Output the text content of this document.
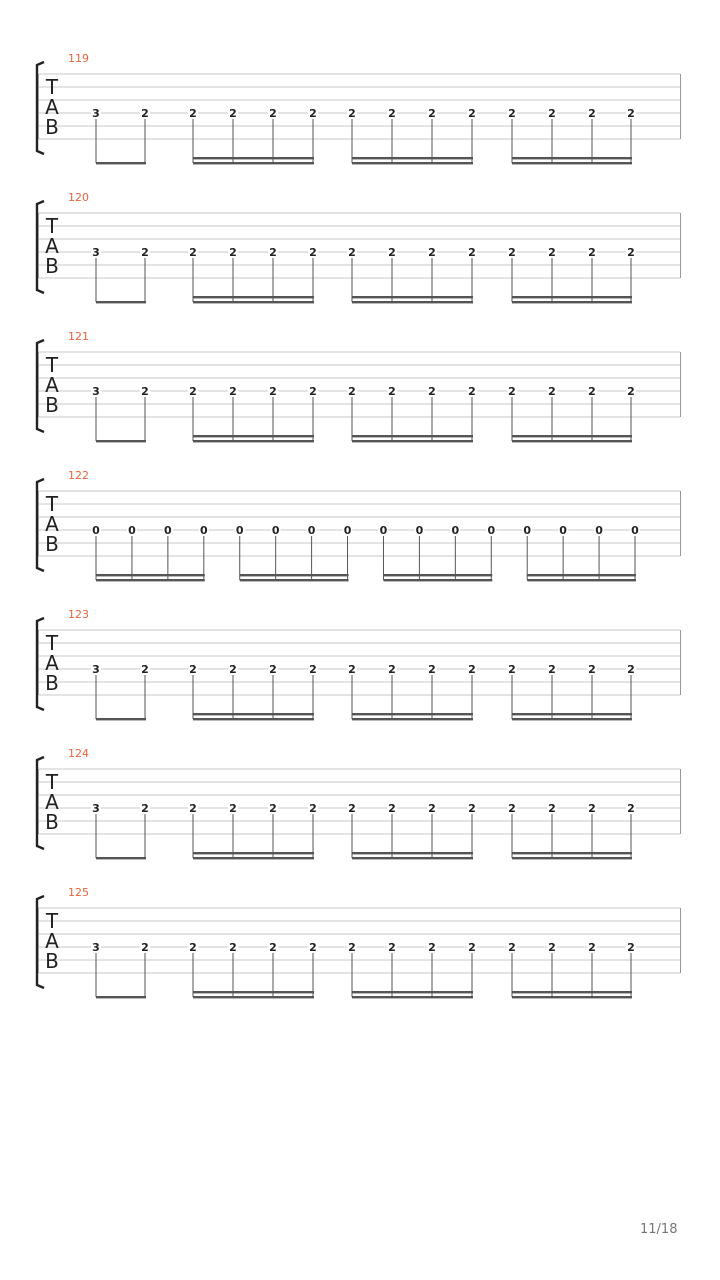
119
T
A
B
3	2	2	2	2	2	2	2	2	2	2	2	2	2
120
T
A
B
3	2	2	2	2	2	2	2	2	2	2	2	2	2
121
T
A
B
3	2	2	2	2	2	2	2	2	2	2	2	2	2
122
T
A
B
0	0	0	0	0	0	0	0	0	0	0	0	0	0	0	0
123
T
A
B
3	2	2	2	2	2	2	2	2	2	2	2	2	2
124
T
A
B
3	2	2	2	2	2	2	2	2	2	2	2	2	2
125
T
A
B
3	2	2	2	2	2	2	2	2	2	2	2	2	2
11/18
